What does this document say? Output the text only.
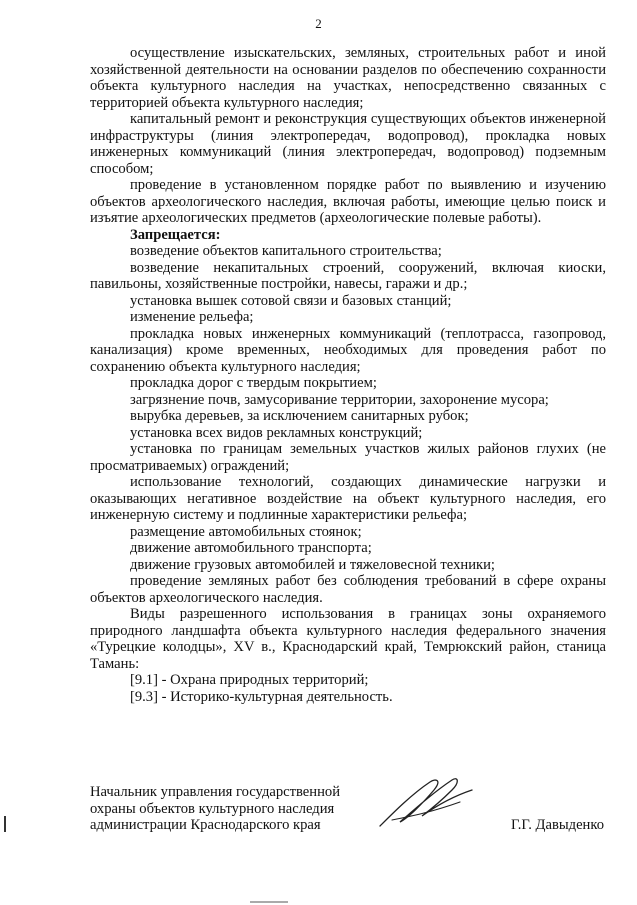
2

осуществление изыскательских, земляных, строительных работ и иной хозяйственной деятельности на основании разделов по обеспечению сохранности объекта культурного наследия на участках, непосредственно связанных с территорией объекта культурного наследия;

капитальный ремонт и реконструкция существующих объектов инженерной инфраструктуры (линия электропередач, водопровод), прокладка новых инженерных коммуникаций (линия электропередач, водопровод) подземным способом;

проведение в установленном порядке работ по выявлению и изучению объектов археологического наследия, включая работы, имеющие целью поиск и изъятие археологических предметов (археологические полевые работы).

Запрещается:

возведение объектов капитального строительства;

возведение некапитальных строений, сооружений, включая киоски, павильоны, хозяйственные постройки, навесы, гаражи и др.;

установка вышек сотовой связи и базовых станций;

изменение рельефа;

прокладка новых инженерных коммуникаций (теплотрасса, газопровод, канализация) кроме временных, необходимых для проведения работ по сохранению объекта культурного наследия;

прокладка дорог с твердым покрытием;

загрязнение почв, замусоривание территории, захоронение мусора;

вырубка деревьев, за исключением санитарных рубок;

установка всех видов рекламных конструкций;

установка по границам земельных участков жилых районов глухих (не просматриваемых) ограждений;

использование технологий, создающих динамические нагрузки и оказывающих негативное воздействие на объект культурного наследия, его инженерную систему и подлинные характеристики рельефа;

размещение автомобильных стоянок;

движение автомобильного транспорта;

движение грузовых автомобилей и тяжеловесной техники;

проведение земляных работ без соблюдения требований в сфере охраны объектов археологического наследия.

Виды разрешенного использования в границах зоны охраняемого природного ландшафта объекта культурного наследия федерального значения «Турецкие колодцы», XV в., Краснодарский край, Темрюкский район, станица Тамань:

[9.1] - Охрана природных территорий;

[9.3] - Историко-культурная деятельность.

Начальник управления государственной
охраны объектов культурного наследия
администрации Краснодарского края	Г.Г. Давыденко
